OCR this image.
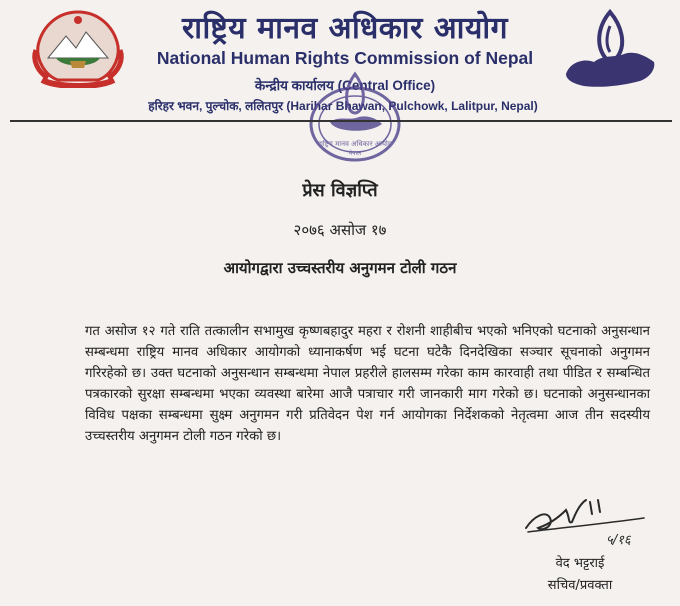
राष्ट्रिय मानव अधिकार आयोग
National Human Rights Commission of Nepal
केन्द्रीय कार्यालय (Central Office)
हरिहर भवन, पुल्चोक, ललितपुर (Harihar Bhawan, Pulchowk, Lalitpur, Nepal)
राष्ट्रिय मानव अधिकार आयोग
नेपाल
प्रेस विज्ञप्ति
२०७६ असोज १७
आयोगद्वारा उच्चस्तरीय अनुगमन टोली गठन
गत असोज १२ गते राति तत्कालीन सभामुख कृष्णबहादुर महरा र रोशनी शाहीबीच भएको भनिएको घटनाको अनुसन्धान सम्बन्धमा राष्ट्रिय मानव अधिकार आयोगको ध्यानाकर्षण भई घटना घटेकै दिनदेखिका सञ्चार सूचनाको अनुगमन गरिरहेको छ। उक्त घटनाको अनुसन्धान सम्बन्धमा नेपाल प्रहरीले हालसम्म गरेका काम कारवाही तथा पीडित र सम्बन्धित पत्रकारको सुरक्षा सम्बन्धमा भएका व्यवस्था बारेमा आजै पत्राचार गरी जानकारी माग गरेको छ। घटनाको अनुसन्धानका विविध पक्षका सम्बन्धमा सुक्ष्म अनुगमन गरी प्रतिवेदन पेश गर्न आयोगका निर्देशकको नेतृत्वमा आज तीन सदस्यीय उच्चस्तरीय अनुगमन टोली गठन गरेको छ।
५/१६
वेद भट्टराई
सचिव/प्रवक्ता
